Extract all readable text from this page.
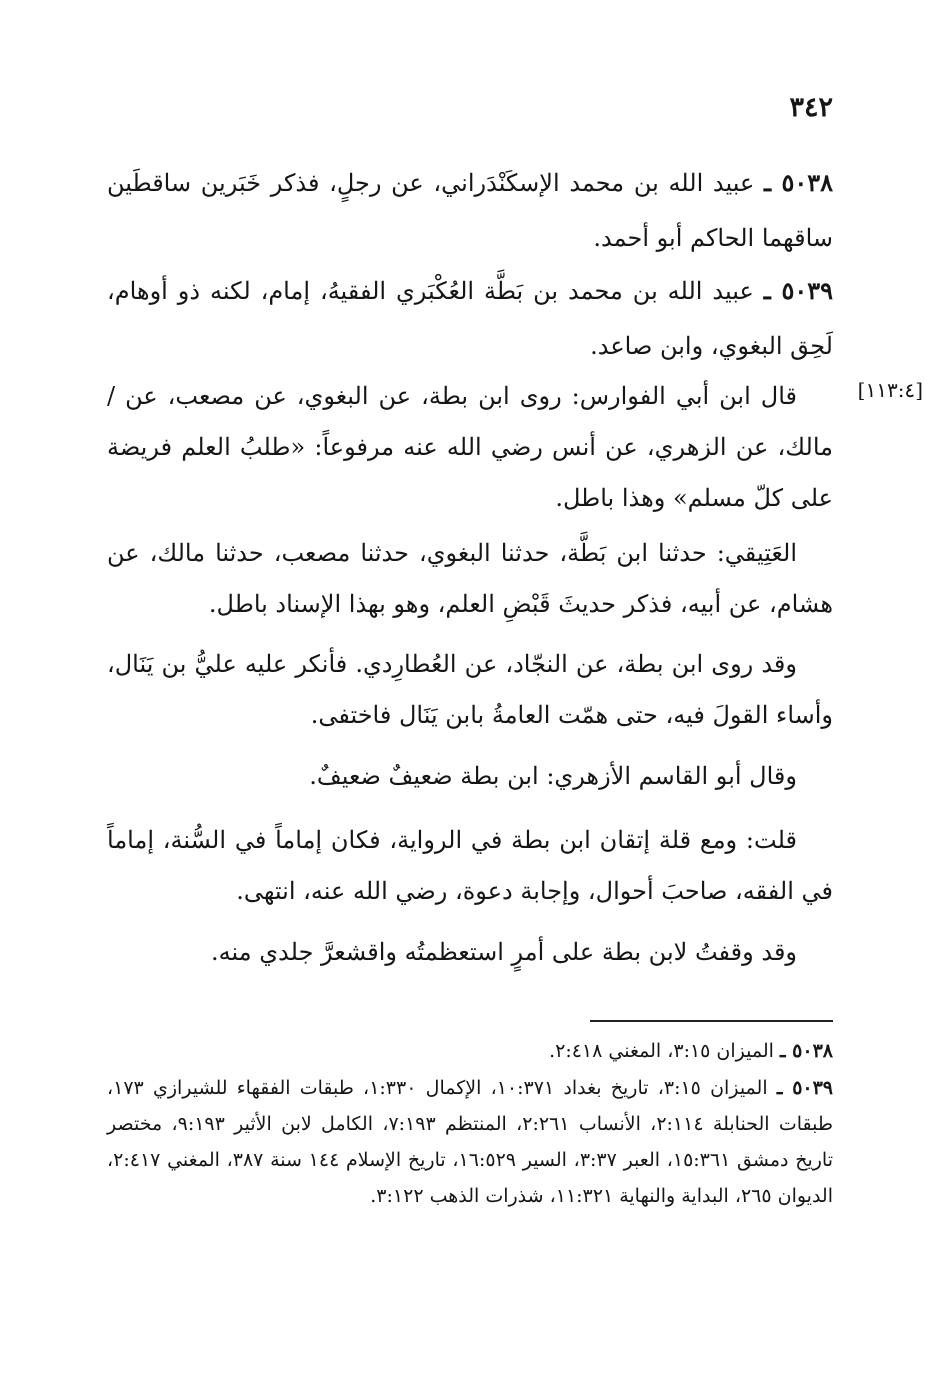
٣٤٢
٥٠٣٨ ـ عبيد الله بن محمد الإسكَنْدَراني، عن رجلٍ، فذكر خَبَرين ساقطَين ساقهما الحاكم أبو أحمد.
٥٠٣٩ ـ عبيد الله بن محمد بن بَطَّة العُكْبَري الفقيهُ، إمام، لكنه ذو أوهام، لَحِق البغوي، وابن صاعد.
[١١٣:٤]

قال ابن أبي الفوارس: روى ابن بطة، عن البغوي، عن مصعب، عن / مالك، عن الزهري، عن أنس رضي الله عنه مرفوعاً: «طلبُ العلم فريضة على كلّ مسلم» وهذا باطل.

العَتِيقي: حدثنا ابن بَطَّة، حدثنا البغوي، حدثنا مصعب، حدثنا مالك، عن هشام، عن أبيه، فذكر حديثَ قَبْضِ العلم، وهو بهذا الإسناد باطل.

وقد روى ابن بطة، عن النجّاد، عن العُطارِدي. فأنكر عليه عليُّ بن يَنَال، وأساء القولَ فيه، حتى همّت العامةُ بابن يَنَال فاختفى.

وقال أبو القاسم الأزهري: ابن بطة ضعيفٌ ضعيفٌ.

قلت: ومع قلة إتقان ابن بطة في الرواية، فكان إماماً في السُّنة، إماماً في الفقه، صاحبَ أحوال، وإجابة دعوة، رضي الله عنه، انتهى.

وقد وقفتُ لابن بطة على أمرٍ استعظمتُه واقشعرَّ جلدي منه.

٥٠٣٨ ـ الميزان ٣:١٥، المغني ٢:٤١٨.
٥٠٣٩ ـ الميزان ٣:١٥، تاريخ بغداد ١٠:٣٧١، الإكمال ١:٣٣٠، طبقات الفقهاء للشيرازي ١٧٣، طبقات الحنابلة ٢:١١٤، الأنساب ٢:٢٦١، المنتظم ٧:١٩٣، الكامل لابن الأثير ٩:١٩٣، مختصر تاريخ دمشق ١٥:٣٦١، العبر ٣:٣٧، السير ١٦:٥٢٩، تاريخ الإسلام ١٤٤ سنة ٣٨٧، المغني ٢:٤١٧، الديوان ٢٦٥، البداية والنهاية ١١:٣٢١، شذرات الذهب ٣:١٢٢.
